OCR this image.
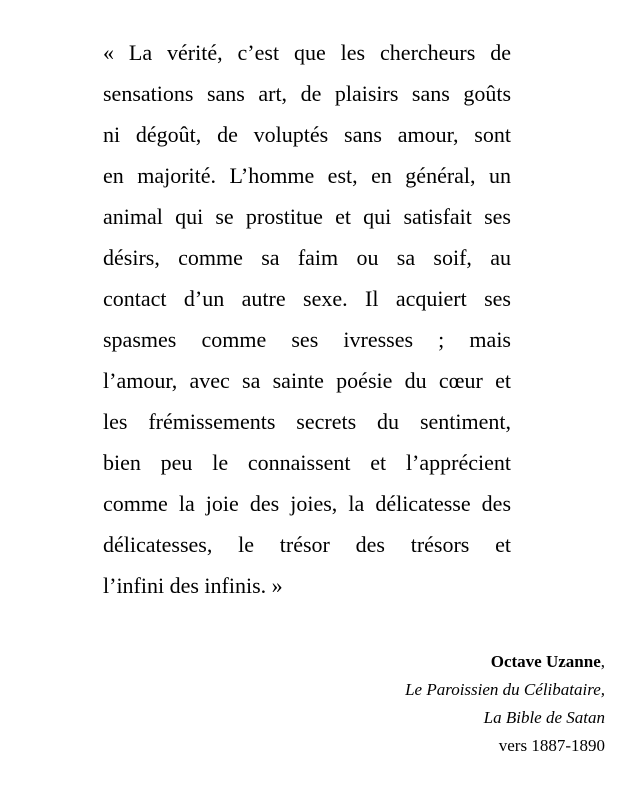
« La vérité, c’est que les chercheurs de
sensations sans art, de plaisirs sans goûts
ni dégoût, de voluptés sans amour, sont
en majorité. L’homme est, en général, un
animal qui se prostitue et qui satisfait ses
désirs, comme sa faim ou sa soif, au
contact d’un autre sexe. Il acquiert ses
spasmes comme ses ivresses ; mais
l’amour, avec sa sainte poésie du cœur et
les frémissements secrets du sentiment,
bien peu le connaissent et l’apprécient
comme la joie des joies, la délicatesse des
délicatesses, le trésor des trésors et
l’infini des infinis. »
Octave Uzanne,
Le Paroissien du Célibataire,
La Bible de Satan
vers 1887-1890
